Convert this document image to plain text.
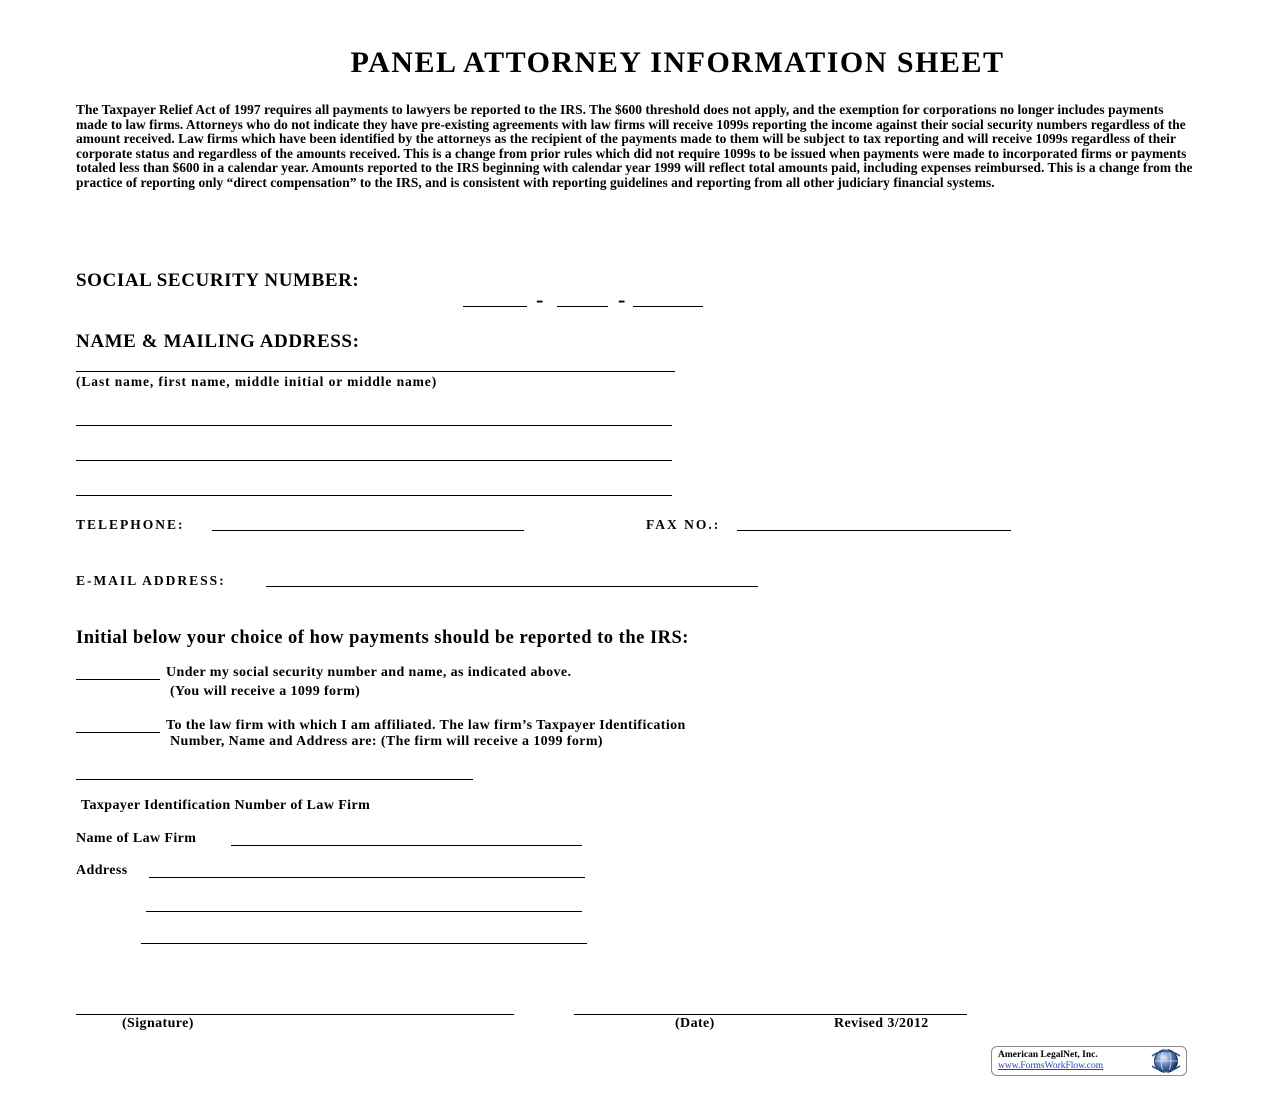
PANEL ATTORNEY INFORMATION SHEET
The Taxpayer Relief Act of 1997 requires all payments to lawyers be reported to the IRS. The $600 threshold does not apply, and the exemption for corporations no longer includes payments made to law firms. Attorneys who do not indicate they have pre-existing agreements with law firms will receive 1099s reporting the income against their social security numbers regardless of the amount received. Law firms which have been identified by the attorneys as the recipient of the payments made to them will be subject to tax reporting and will receive 1099s regardless of their corporate status and regardless of the amounts received. This is a change from prior rules which did not require 1099s to be issued when payments were made to incorporated firms or payments totaled less than $600 in a calendar year. Amounts reported to the IRS beginning with calendar year 1999 will reflect total amounts paid, including expenses reimbursed. This is a change from the practice of reporting only “direct compensation” to the IRS, and is consistent with reporting guidelines and reporting from all other judiciary financial systems.
SOCIAL SECURITY NUMBER:
-	-
NAME & MAILING ADDRESS:
(Last name, first name, middle initial or middle name)
TELEPHONE:	FAX NO.:
E-MAIL ADDRESS:
Initial below your choice of how payments should be reported to the IRS:
Under my social security number and name, as indicated above.
(You will receive a 1099 form)
To the law firm with which I am affiliated. The law firm’s Taxpayer Identification
Number, Name and Address are: (The firm will receive a 1099 form)
Taxpayer Identification Number of Law Firm
Name of Law Firm
Address
(Signature)	(Date)	Revised 3/2012
American LegalNet, Inc.
www.FormsWorkFlow.com
